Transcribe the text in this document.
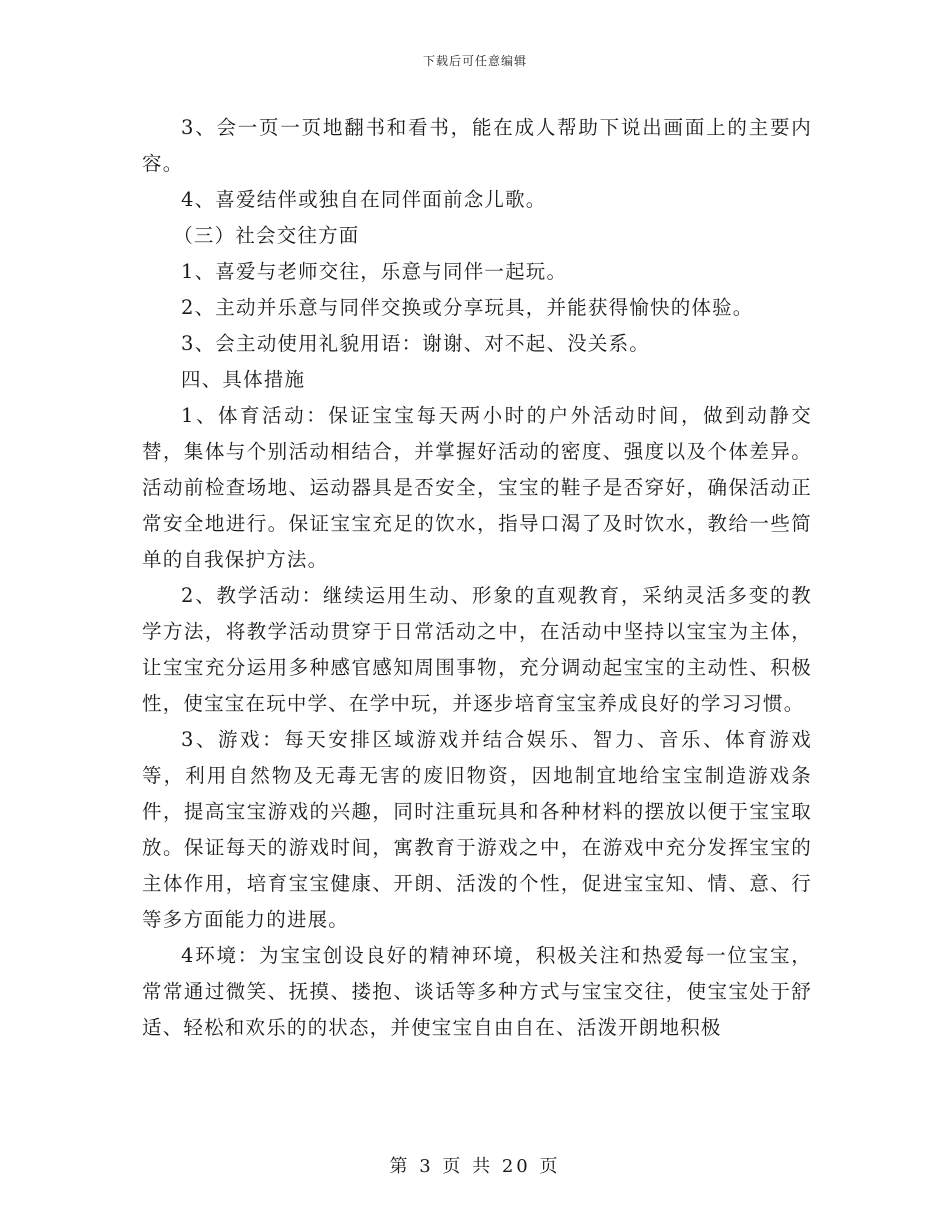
下载后可任意编辑

3、会一页一页地翻书和看书，能在成人帮助下说出画面上的主要内容。

4、喜爱结伴或独自在同伴面前念儿歌。

（三）社会交往方面

1、喜爱与老师交往，乐意与同伴一起玩。

2、主动并乐意与同伴交换或分享玩具，并能获得愉快的体验。

3、会主动使用礼貌用语：谢谢、对不起、没关系。

四、具体措施

1、体育活动：保证宝宝每天两小时的户外活动时间，做到动静交替，集体与个别活动相结合，并掌握好活动的密度、强度以及个体差异。活动前检查场地、运动器具是否安全，宝宝的鞋子是否穿好，确保活动正常安全地进行。保证宝宝充足的饮水，指导口渴了及时饮水，教给一些简单的自我保护方法。

2、教学活动：继续运用生动、形象的直观教育，采纳灵活多变的教学方法，将教学活动贯穿于日常活动之中，在活动中坚持以宝宝为主体，让宝宝充分运用多种感官感知周围事物，充分调动起宝宝的主动性、积极性，使宝宝在玩中学、在学中玩，并逐步培育宝宝养成良好的学习习惯。

3、游戏：每天安排区域游戏并结合娱乐、智力、音乐、体育游戏等，利用自然物及无毒无害的废旧物资，因地制宜地给宝宝制造游戏条件，提高宝宝游戏的兴趣，同时注重玩具和各种材料的摆放以便于宝宝取放。保证每天的游戏时间，寓教育于游戏之中，在游戏中充分发挥宝宝的主体作用，培育宝宝健康、开朗、活泼的个性，促进宝宝知、情、意、行等多方面能力的进展。

4环境：为宝宝创设良好的精神环境，积极关注和热爱每一位宝宝，常常通过微笑、抚摸、搂抱、谈话等多种方式与宝宝交往，使宝宝处于舒适、轻松和欢乐的的状态，并使宝宝自由自在、活泼开朗地积极

第 3 页 共 20 页
